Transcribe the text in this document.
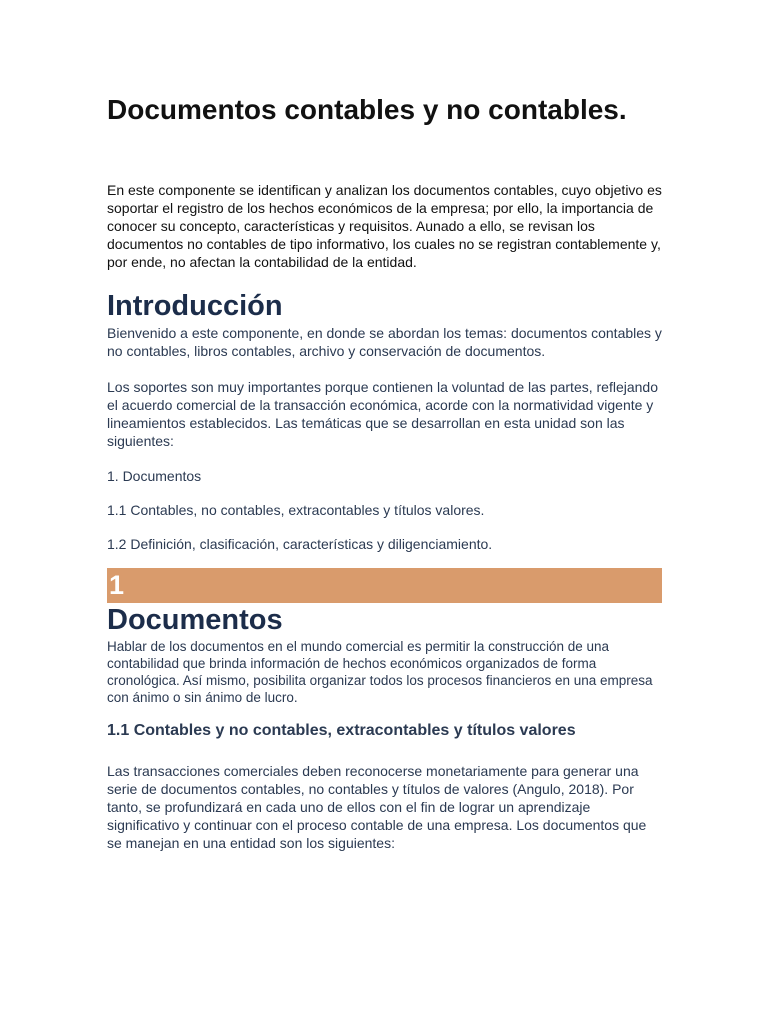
Documentos contables y no contables.

En este componente se identifican y analizan los documentos contables, cuyo objetivo es soportar el registro de los hechos económicos de la empresa; por ello, la importancia de conocer su concepto, características y requisitos. Aunado a ello, se revisan los documentos no contables de tipo informativo, los cuales no se registran contablemente y, por ende, no afectan la contabilidad de la entidad.

Introducción

Bienvenido a este componente, en donde se abordan los temas: documentos contables y no contables, libros contables, archivo y conservación de documentos.

Los soportes son muy importantes porque contienen la voluntad de las partes, reflejando el acuerdo comercial de la transacción económica, acorde con la normatividad vigente y lineamientos establecidos. Las temáticas que se desarrollan en esta unidad son las siguientes:

1. Documentos

1.1 Contables, no contables, extracontables y títulos valores.

1.2 Definición, clasificación, características y diligenciamiento.

1
Documentos

Hablar de los documentos en el mundo comercial es permitir la construcción de una contabilidad que brinda información de hechos económicos organizados de forma cronológica. Así mismo, posibilita organizar todos los procesos financieros en una empresa con ánimo o sin ánimo de lucro.

1.1 Contables y no contables, extracontables y títulos valores

Las transacciones comerciales deben reconocerse monetariamente para generar una serie de documentos contables, no contables y títulos de valores (Angulo, 2018). Por tanto, se profundizará en cada uno de ellos con el fin de lograr un aprendizaje significativo y continuar con el proceso contable de una empresa. Los documentos que se manejan en una entidad son los siguientes:
